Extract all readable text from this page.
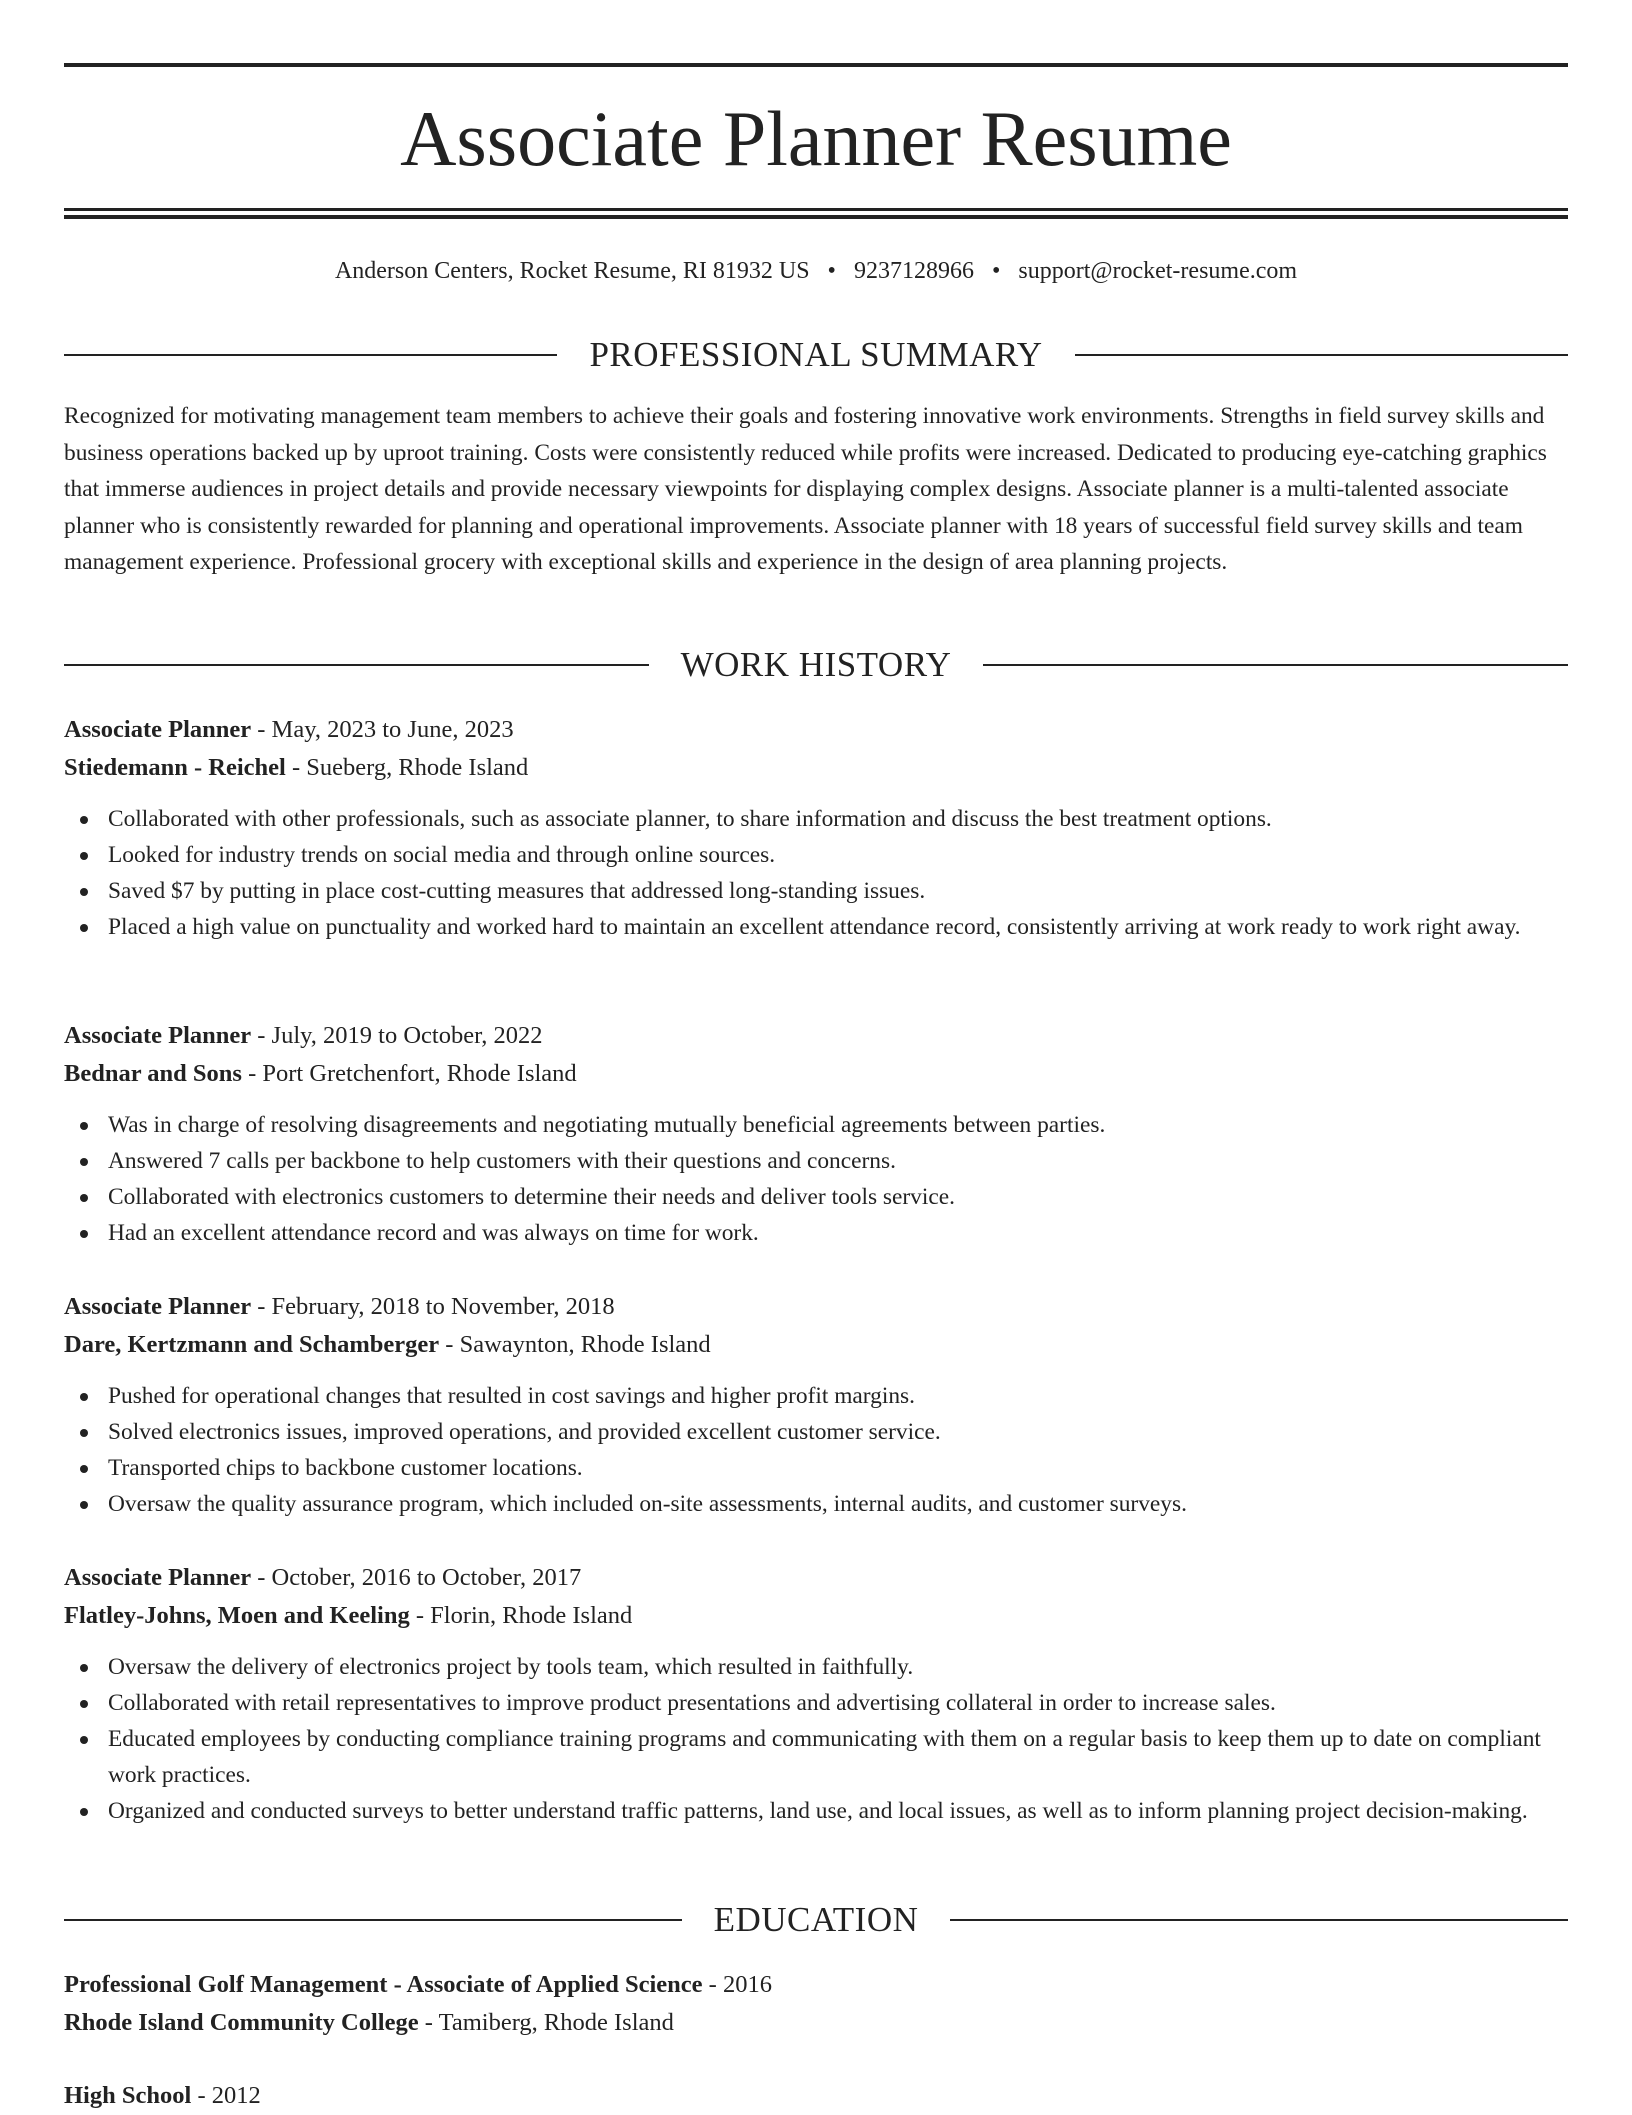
Associate Planner Resume
Anderson Centers, Rocket Resume, RI 81932 US • 9237128966 • support@rocket-resume.com
PROFESSIONAL SUMMARY

Recognized for motivating management team members to achieve their goals and fostering innovative work environments. Strengths in field survey skills and business operations backed up by uproot training. Costs were consistently reduced while profits were increased. Dedicated to producing eye-catching graphics that immerse audiences in project details and provide necessary viewpoints for displaying complex designs. Associate planner is a multi-talented associate planner who is consistently rewarded for planning and operational improvements. Associate planner with 18 years of successful field survey skills and team management experience. Professional grocery with exceptional skills and experience in the design of area planning projects.

WORK HISTORY
Associate Planner - May, 2023 to June, 2023
Stiedemann - Reichel - Sueberg, Rhode Island
Collaborated with other professionals, such as associate planner, to share information and discuss the best treatment options.
Looked for industry trends on social media and through online sources.
Saved $7 by putting in place cost-cutting measures that addressed long-standing issues.
Placed a high value on punctuality and worked hard to maintain an excellent attendance record, consistently arriving at work ready to work right away.
Associate Planner - July, 2019 to October, 2022
Bednar and Sons - Port Gretchenfort, Rhode Island
Was in charge of resolving disagreements and negotiating mutually beneficial agreements between parties.
Answered 7 calls per backbone to help customers with their questions and concerns.
Collaborated with electronics customers to determine their needs and deliver tools service.
Had an excellent attendance record and was always on time for work.
Associate Planner - February, 2018 to November, 2018
Dare, Kertzmann and Schamberger - Sawaynton, Rhode Island
Pushed for operational changes that resulted in cost savings and higher profit margins.
Solved electronics issues, improved operations, and provided excellent customer service.
Transported chips to backbone customer locations.
Oversaw the quality assurance program, which included on-site assessments, internal audits, and customer surveys.
Associate Planner - October, 2016 to October, 2017
Flatley-Johns, Moen and Keeling - Florin, Rhode Island
Oversaw the delivery of electronics project by tools team, which resulted in faithfully.
Collaborated with retail representatives to improve product presentations and advertising collateral in order to increase sales.
Educated employees by conducting compliance training programs and communicating with them on a regular basis to keep them up to date on compliant work practices.
Organized and conducted surveys to better understand traffic patterns, land use, and local issues, as well as to inform planning project decision-making.
EDUCATION
Professional Golf Management - Associate of Applied Science - 2016
Rhode Island Community College - Tamiberg, Rhode Island
High School - 2012
